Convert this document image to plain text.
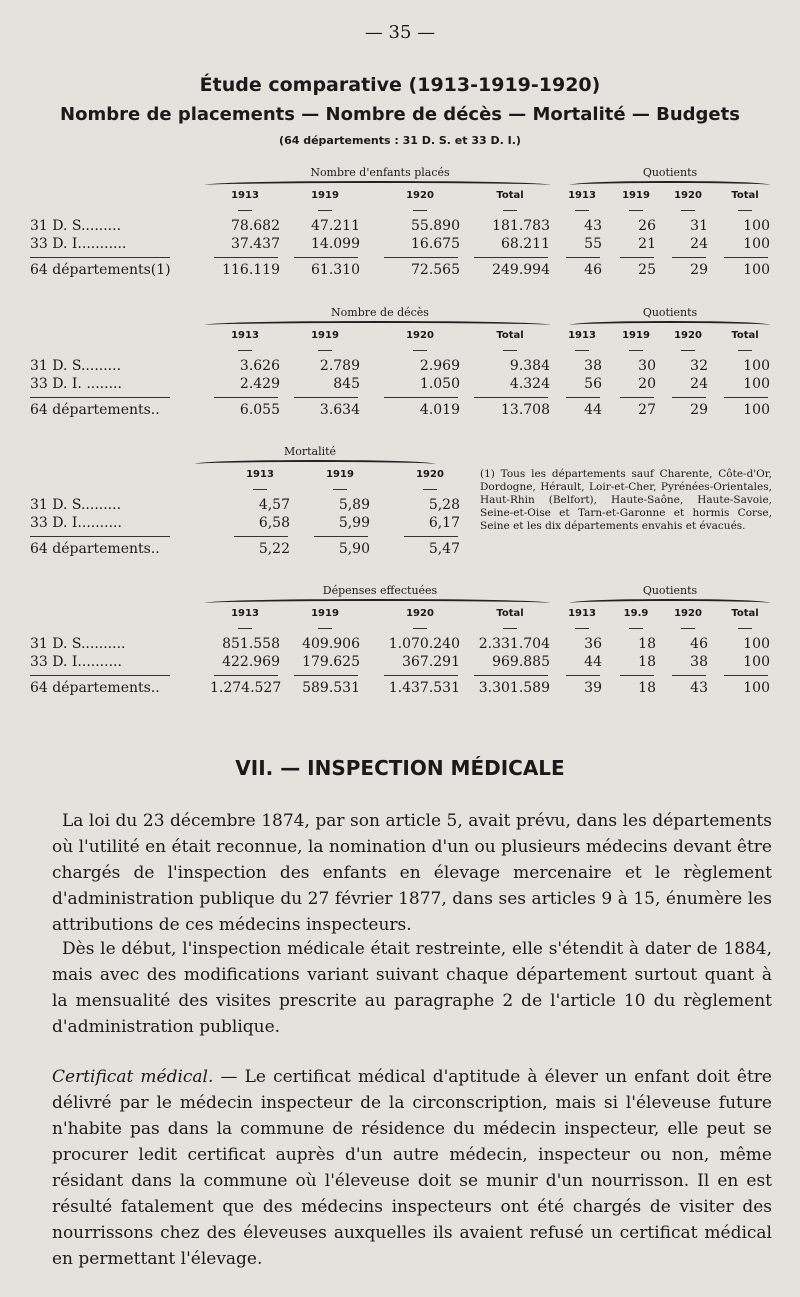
— 35 —
Étude comparative (1913-1919-1920)
Nombre de placements — Nombre de décès — Mortalité — Budgets
(64 départements : 31 D. S. et 33 D. I.)
Nombre d'enfants placés	Quotients
1913	1919	1920	Total	1913	1919	1920	Total
31 D. S.........	78.682	47.211	55.890	181.783	43	26	31	100
33 D. I...........	37.437	14.099	16.675	68.211	55	21	24	100
64 départements(1)	116.119	61.310	72.565	249.994	46	25	29	100
Nombre de décès	Quotients
1913	1919	1920	Total	1913	1919	1920	Total
31 D. S.........	3.626	2.789	2.969	9.384	38	30	32	100
33 D. I. ........	2.429	845	1.050	4.324	56	20	24	100
64 départements..	6.055	3.634	4.019	13.708	44	27	29	100
Mortalité
1913	1919	1920
31 D. S.........	4,57	5,89	5,28
33 D. I..........	6,58	5,99	6,17
64 départements..	5,22	5,90	5,47
(1) Tous les départements sauf Charente, Côte-d'Or, Dordogne, Hérault, Loir-et-Cher, Pyrénées-Orientales, Haut-Rhin (Belfort), Haute-Saône, Haute-Savoie, Seine-et-Oise et Tarn-et-Garonne et hormis Corse, Seine et les dix départements envahis et évacués.
Dépenses effectuées	Quotients
1913	1919	1920	Total	1913	19.9	1920	Total
31 D. S..........	851.558	409.906	1.070.240	2.331.704	36	18	46	100
33 D. I..........	422.969	179.625	367.291	969.885	44	18	38	100
64 départements..	1.274.527	589.531	1.437.531	3.301.589	39	18	43	100
VII. — INSPECTION MÉDICALE
La loi du 23 décembre 1874, par son article 5, avait prévu, dans les départements où l'utilité en était reconnue, la nomination d'un ou plusieurs médecins devant être chargés de l'inspection des enfants en élevage mercenaire et le règlement d'administration publique du 27 février 1877, dans ses articles 9 à 15, énumère les attributions de ces médecins inspecteurs.
Dès le début, l'inspection médicale était restreinte, elle s'étendit à dater de 1884, mais avec des modifications variant suivant chaque département surtout quant à la mensualité des visites prescrite au paragraphe 2 de l'article 10 du règlement d'administration publique.
Certificat médical. — Le certificat médical d'aptitude à élever un enfant doit être délivré par le médecin inspecteur de la circonscription, mais si l'éleveuse future n'habite pas dans la commune de résidence du médecin inspecteur, elle peut se procurer ledit certificat auprès d'un autre médecin, inspecteur ou non, même résidant dans la commune où l'éleveuse doit se munir d'un nourrisson. Il en est résulté fatalement que des médecins inspecteurs ont été chargés de visiter des nourrissons chez des éleveuses auxquelles ils avaient refusé un certificat médical en permettant l'élevage.
